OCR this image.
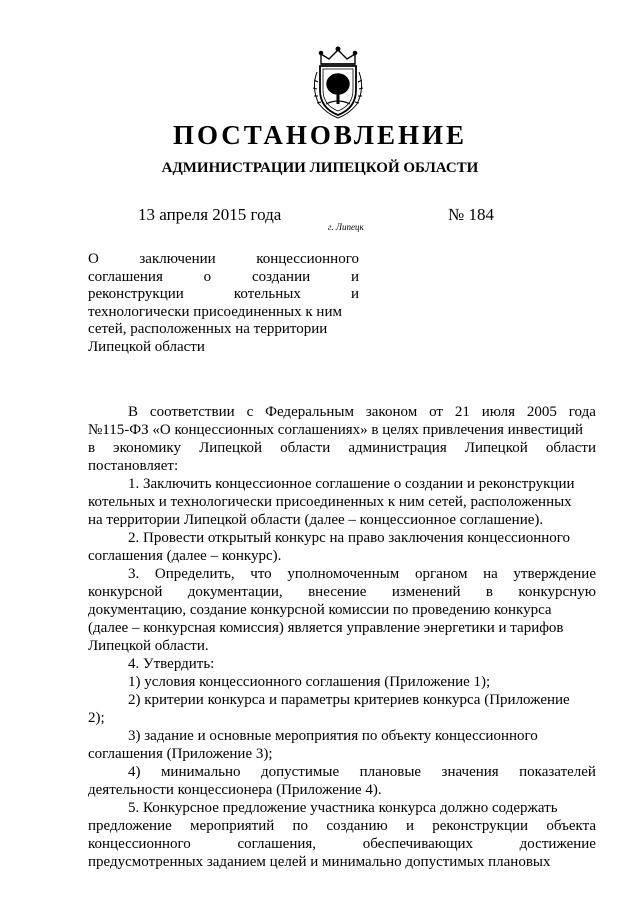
ПОСТАНОВЛЕНИЕ
АДМИНИСТРАЦИИ ЛИПЕЦКОЙ ОБЛАСТИ
13 апреля 2015 года
г. Липецк
№ 184
О	заключении	концессионного
соглашения	о	создании	и
реконструкции	котельных	и
технологически присоединенных к ним
сетей, расположенных на территории
Липецкой области
В соответствии с Федеральным законом от 21 июля 2005 года
№115-ФЗ «О концессионных соглашениях» в целях привлечения инвестиций
в экономику Липецкой области администрация Липецкой области
постановляет:
1. Заключить концессионное соглашение о создании и реконструкции
котельных и технологически присоединенных к ним сетей, расположенных
на территории Липецкой области (далее – концессионное соглашение).
2. Провести открытый конкурс на право заключения концессионного
соглашения (далее – конкурс).
3. Определить, что уполномоченным органом на утверждение
конкурсной документации, внесение изменений в конкурсную
документацию, создание конкурсной комиссии по проведению конкурса
(далее – конкурсная комиссия) является управление энергетики и тарифов
Липецкой области.
4. Утвердить:
1) условия концессионного соглашения (Приложение 1);
2) критерии конкурса и параметры критериев конкурса (Приложение
2);
3) задание и основные мероприятия по объекту концессионного
соглашения (Приложение 3);
4) минимально допустимые плановые значения показателей
деятельности концессионера (Приложение 4).
5. Конкурсное предложение участника конкурса должно содержать
предложение мероприятий по созданию и реконструкции объекта
концессионного	соглашения,	обеспечивающих	достижение
предусмотренных заданием целей и минимально допустимых плановых
